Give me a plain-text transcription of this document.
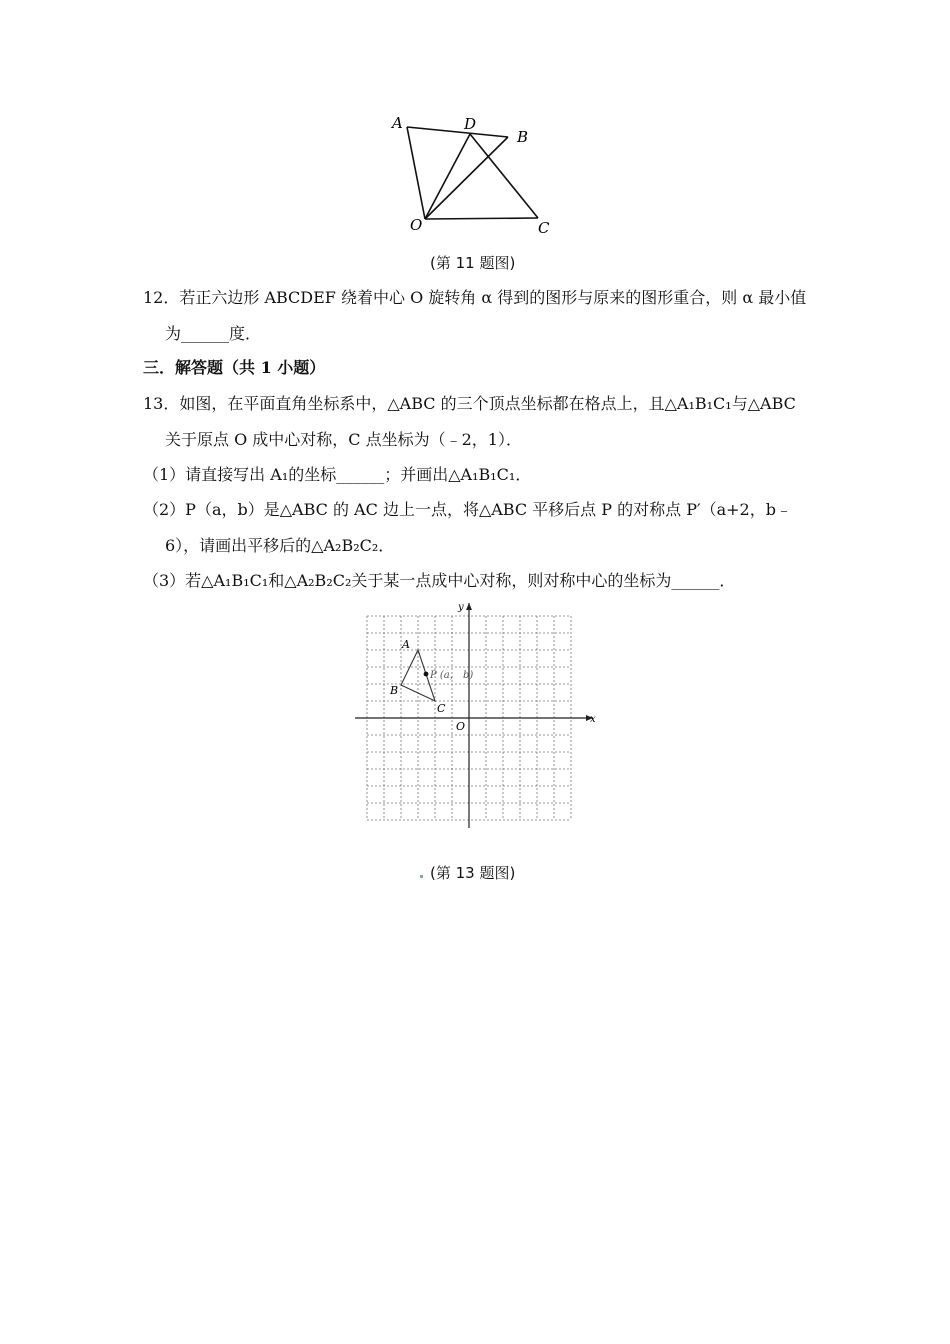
A	D
B
O	C
(第 11 题图)
12．若正六边形 ABCDEF 绕着中心 O 旋转角 α 得到的图形与原来的图形重合，则 α 最小值
为______度．
三．解答题（共 1 小题）
13．如图，在平面直角坐标系中，△ABC 的三个顶点坐标都在格点上，且△A₁B₁C₁与△ABC
关于原点 O 成中心对称，C 点坐标为（﹣2，1）．
（1）请直接写出 A₁的坐标______；并画出△A₁B₁C₁．
（2）P（a，b）是△ABC 的 AC 边上一点，将△ABC 平移后点 P 的对称点 P′（a+2，b﹣
6），请画出平移后的△A₂B₂C₂．
（3）若△A₁B₁C₁和△A₂B₂C₂关于某一点成中心对称，则对称中心的坐标为______．
x
y
O
A
B
C
P (a， b)
(第 13 题图)
